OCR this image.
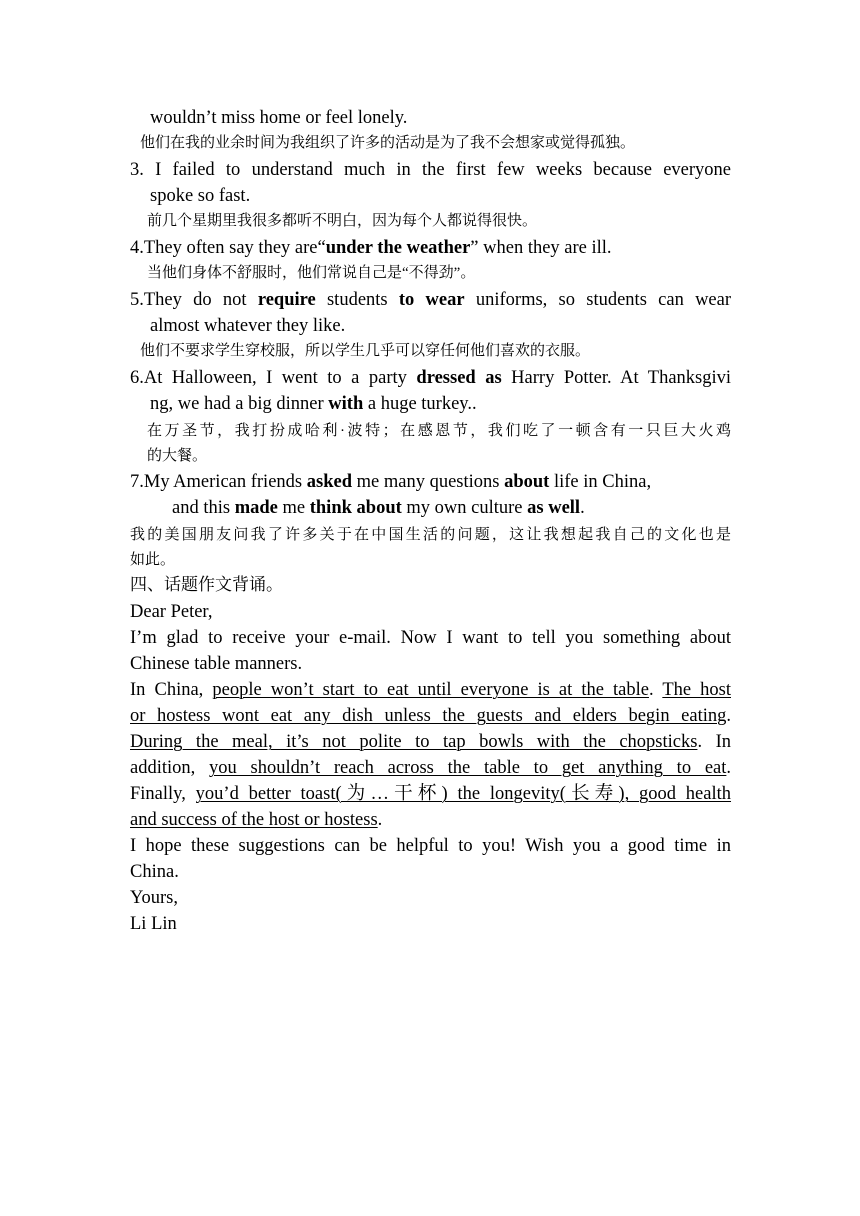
wouldn’t miss home or feel lonely.
他们在我的业余时间为我组织了许多的活动是为了我不会想家或觉得孤独。
3. I failed to understand much in the first few weeks because everyone
spoke so fast.
前几个星期里我很多都听不明白，因为每个人都说得很快。
4.They often say they are“under the weather” when they are ill.
当他们身体不舒服时，他们常说自己是“不得劲”。
5.They do not require students to wear uniforms, so students can wear
almost whatever they like.
他们不要求学生穿校服，所以学生几乎可以穿任何他们喜欢的衣服。
6.At Halloween, I went to a party dressed as Harry Potter. At Thanksgivi
ng, we had a big dinner with a huge turkey..
在万圣节，我打扮成哈利·波特；在感恩节，我们吃了一顿含有一只巨大火鸡
的大餐。
7.My American friends asked me many questions about life in China,
and this made me think about my own culture as well.
我的美国朋友问我了许多关于在中国生活的问题，这让我想起我自己的文化也是
如此。
四、话题作文背诵。
Dear Peter,
I’m glad to receive your e-mail. Now I want to tell you something about
Chinese table manners.
In China, people won’t start to eat until everyone is at the table. The host
or hostess wont eat any dish unless the guests and elders begin eating.
During the meal, it’s not polite to tap bowls with the chopsticks. In
addition, you shouldn’t reach across the table to get anything to eat.
Finally, you’d better toast(为…干杯) the longevity(长寿), good health
and success of the host or hostess.
I hope these suggestions can be helpful to you! Wish you a good time in
China.
Yours,
Li Lin
